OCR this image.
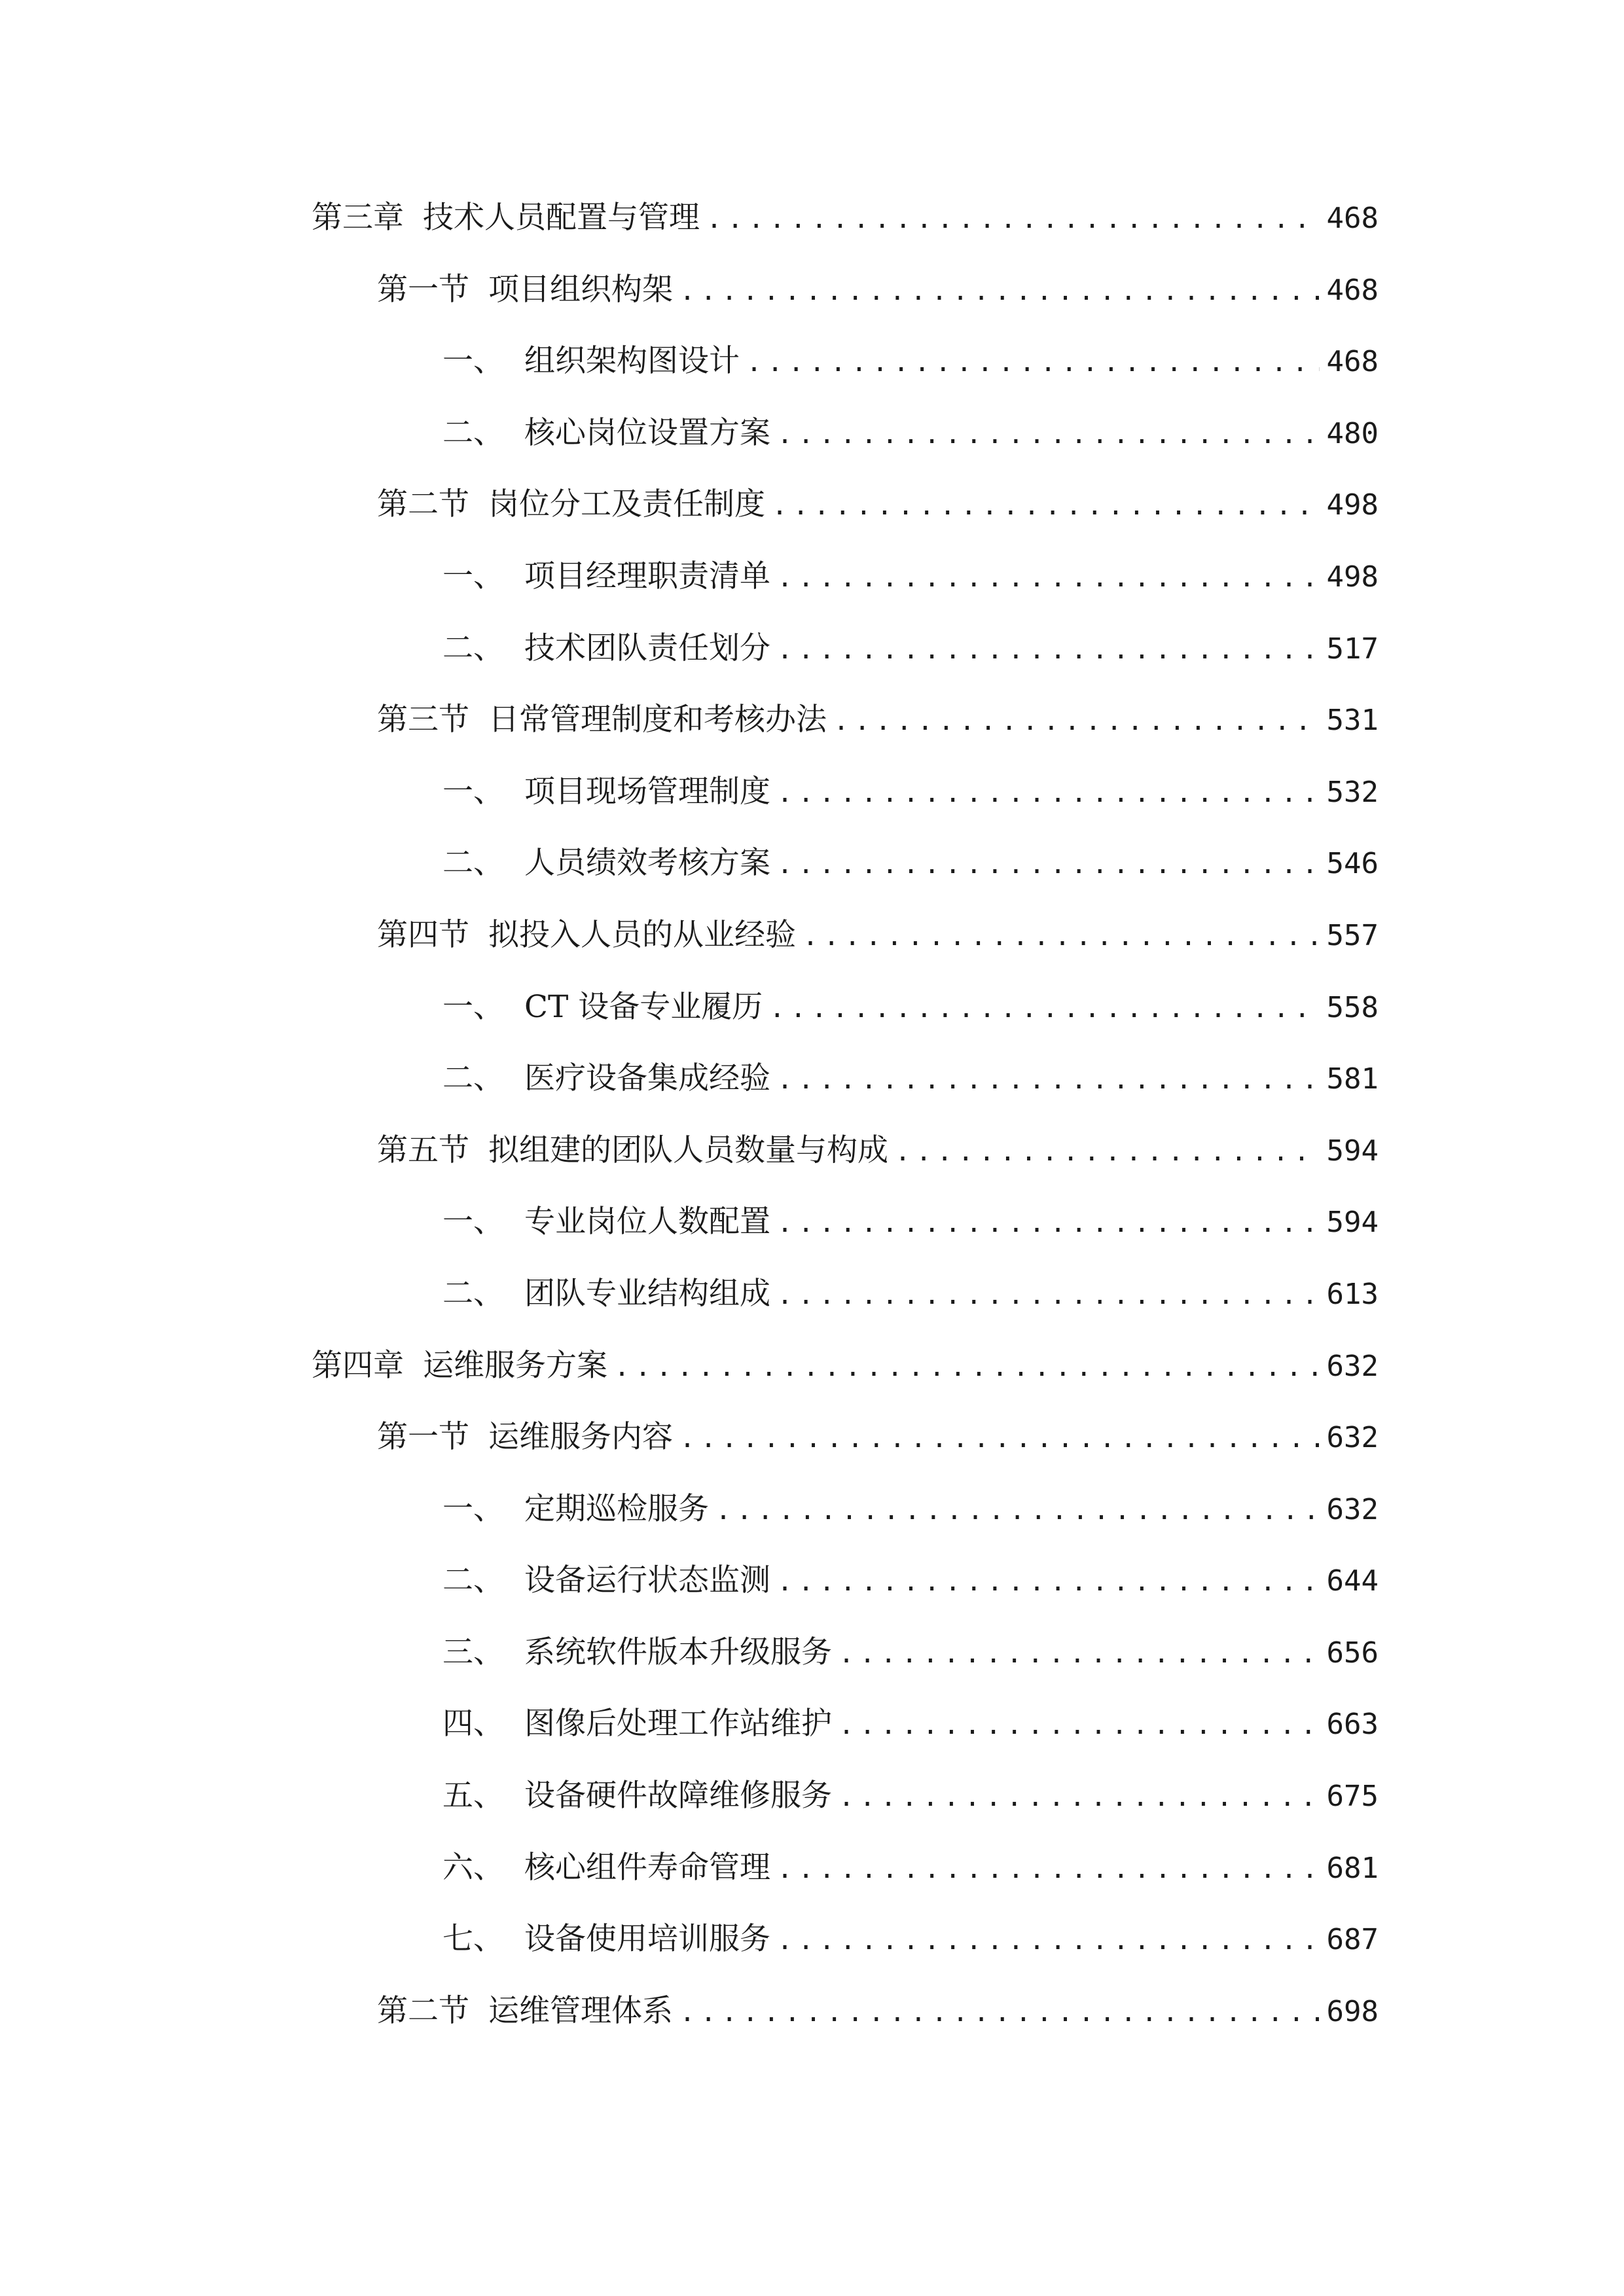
第三章 技术人员配置与管理 .....	468
第一节 项目组织构架 .....	468
一、 组织架构图设计 .....	468
二、 核心岗位设置方案 .....	480
第二节 岗位分工及责任制度 .....	498
一、 项目经理职责清单 .....	498
二、 技术团队责任划分 .....	517
第三节 日常管理制度和考核办法 .....	531
一、 项目现场管理制度 .....	532
二、 人员绩效考核方案 .....	546
第四节 拟投入人员的从业经验 .....	557
一、 CT 设备专业履历 .....	558
二、 医疗设备集成经验 .....	581
第五节 拟组建的团队人员数量与构成 .....	594
一、 专业岗位人数配置 .....	594
二、 团队专业结构组成 .....	613
第四章 运维服务方案 .....	632
第一节 运维服务内容 .....	632
一、 定期巡检服务 .....	632
二、 设备运行状态监测 .....	644
三、 系统软件版本升级服务 .....	656
四、 图像后处理工作站维护 .....	663
五、 设备硬件故障维修服务 .....	675
六、 核心组件寿命管理 .....	681
七、 设备使用培训服务 .....	687
第二节 运维管理体系 .....	698
